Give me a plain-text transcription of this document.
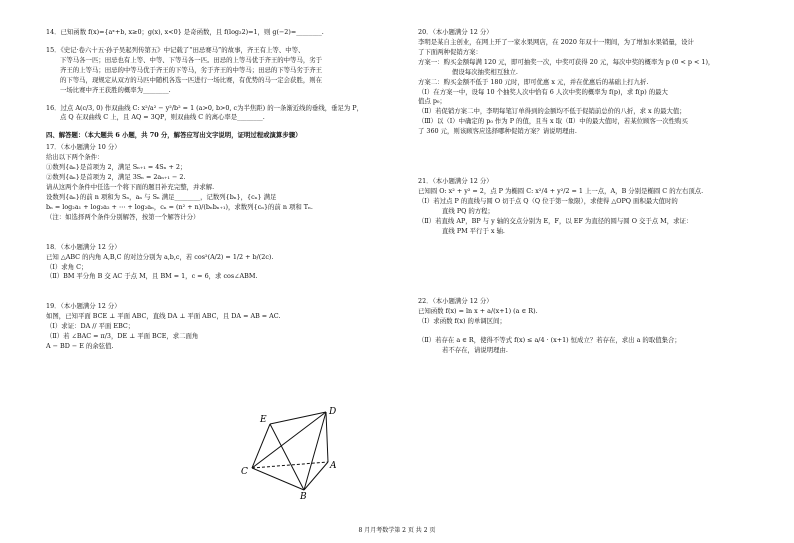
14．已知函数 f(x)={aˣ+b, x≥0；g(x), x<0} 是奇函数，且 f(log₂2)=1，则 g(−2)=________.

15．《史记·卷六十五·孙子吴起列传第五》中记载了“田忌赛马”的故事，齐王有上等、中等、

下等马各一匹；田忌也有上等、中等、下等马各一匹。田忌的上等马优于齐王的中等马，劣于

齐王的上等马；田忌的中等马优于齐王的下等马，劣于齐王的中等马；田忌的下等马劣于齐王

的下等马，现规定从双方的马匹中随机各选一匹进行一场比赛，有优势的马一定会获胜，则在

一场比赛中齐王获胜的概率为________.

16．过点 A(c/3, 0) 作双曲线 C: x²/a² − y²/b² = 1 (a>0, b>0, c为半焦距) 的一条渐近线的垂线，垂足为 P，

点 Q 在双曲线 C 上，且 AQ = 3QP，则双曲线 C 的离心率是________.

四、解答题：（本大题共 6 小题，共 70 分，解答应写出文字说明，证明过程或演算步骤）

17．（本小题满分 10 分）

给出以下两个条件：

①数列{aₙ}是首项为 2，满足 Sₙ₊₁ = 4Sₙ + 2；

②数列{aₙ}是首项为 2，满足 3Sₙ = 2aₙ₊₁ − 2.

请从这两个条件中任选一个将下面的题目补充完整，并求解.

设数列{aₙ}的前 n 项和为 Sₙ，aₙ 与 Sₙ 满足________，记数列{bₙ}，{cₙ} 满足

bₙ = log₂a₁ + log₂a₂ + ⋯ + log₂aₙ，cₙ = (n² + n)/(bₙbₙ₊₁)，求数列{cₙ}的前 n 项和 Tₙ.

（注：如选择两个条件分别解答，按第一个解答计分）

18．（本小题满分 12 分）

已知 △ABC 的内角 A,B,C 的对边分别为 a,b,c，若 cos²(A/2) = 1/2 + b/(2c).

（Ⅰ）求角 C；

（Ⅱ）BM 平分角 B 交 AC 于点 M，且 BM = 1，c = 6，求 cos∠ABM.

19．（本小题满分 12 分）

如图，已知平面 BCE ⊥ 平面 ABC，直线 DA ⊥ 平面 ABC，且 DA = AB = AC.

（Ⅰ）求证：DA // 平面 EBC；

（Ⅱ）若 ∠BAC = π/3，DE ⊥ 平面 BCE，求二面角

A − BD − E 的余弦值.

E
D
A
C
B

20．（本小题满分 12 分）

李明是某自主创业，在网上开了一家水果网店，在 2020 年双十一期间，为了增加水果销量，设计

了下面两种促销方案：

方案一：购买金额每满 120 元，即可抽奖一次，中奖可获得 20 元，每次中奖的概率为 p (0 < p < 1)，

假设每次抽奖相互独立.

方案二：购买金额不低于 180 元时，即可优惠 x 元，并在优惠后的基础上打九折.

（Ⅰ）在方案一中，设每 10 个抽奖人次中恰有 6 人次中奖的概率为 f(p)，求 f(p) 的最大

值点 p₀；

（Ⅱ）若促销方案二中，李明每笔订单得到的金额均不低于促销前总价的八折，求 x 的最大值；

（Ⅲ）以（Ⅰ）中确定的 p₀ 作为 P 的值，且当 x 取（Ⅱ）中的最大值时，若某位顾客一次性购买

了 360 元，则该顾客应选择哪种促销方案？请说明理由.

21．（本小题满分 12 分）

已知圆 O: x² + y² = 2，点 P 为椭圆 C: x²/4 + y²/2 = 1 上一点，A，B 分别是椭圆 C 的左右顶点.

（Ⅰ）若过点 P 的直线与圆 O 切于点 Q（Q 位于第一象限），求使得 △OPQ 面积最大值时的

直线 PQ 的方程；

（Ⅱ）若直线 AP，BP 与 y 轴的交点分别为 E，F，以 EF 为直径的圆与圆 O 交于点 M，求证：

直线 PM 平行于 x 轴.

22．（本小题满分 12 分）

已知函数 f(x) = ln x + a/(x+1) (a ∈ R).

（Ⅰ）求函数 f(x) 的单调区间；

（Ⅱ）若存在 a ∈ R，使得不等式 f(x) ≤ a/4 · (x+1) 恒成立？若存在，求出 a 的取值集合；

若不存在，请说明理由.

8 月月考数学第 2 页 共 2 页
